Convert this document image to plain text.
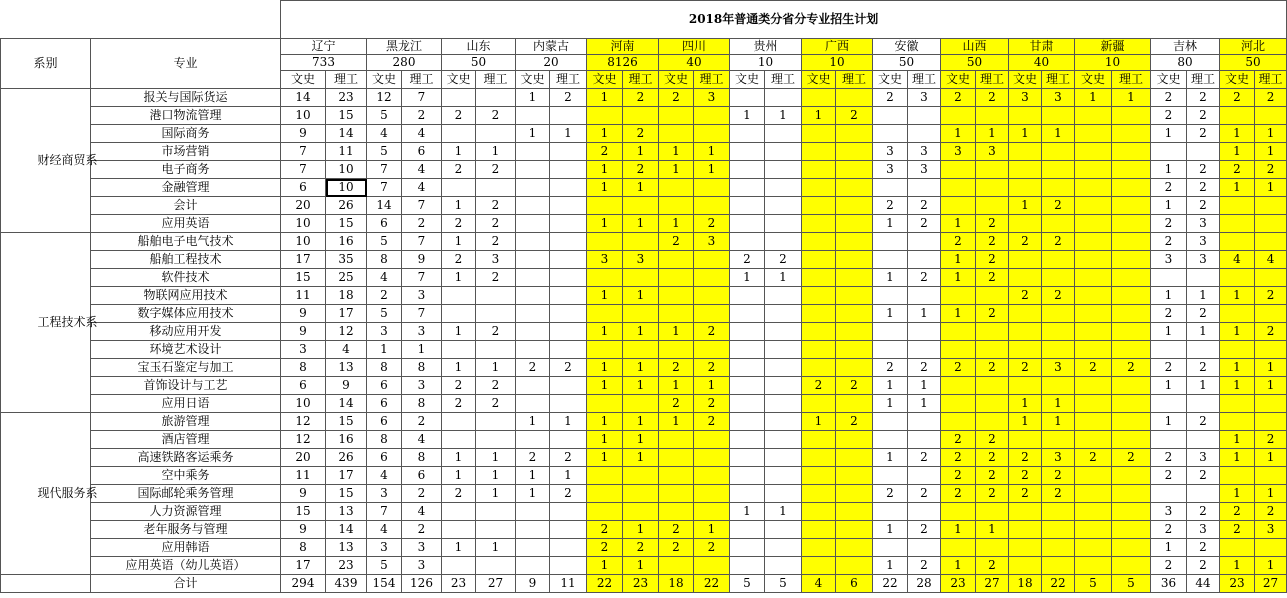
		2018年普通类分省分专业招生计划																											
系别	专业	辽宁		黑龙江		山东		内蒙古		河南		四川		贵州		广西		安徽		山西		甘肃		新疆		吉林		河北	
		733		280		50		20		8126		40		10		10		50		50		40		10		80		50	
		文史	理工	文史	理工	文史	理工	文史	理工	文史	理工	文史	理工	文史	理工	文史	理工	文史	理工	文史	理工	文史	理工	文史	理工	文史	理工	文史	理工

财经商贸系	报关与国际货运	14	23	12	7			1	2	1	2	2	3					2	3	2	2	3	3	1	1	2	2	2	2
	港口物流管理	10	15	5	2	2	2							1	1	1	2									2	2		
	国际商务	9	14	4	4			1	1	1	2									1	1	1	1			1	2	1	1
	市场营销	7	11	5	6	1	1			2	1	1	1					3	3	3	3							1	1
	电子商务	7	10	7	4	2	2			1	2	1	1					3	3							1	2	2	2
	金融管理	6	10	7	4					1	1															2	2	1	1
	会计	20	26	14	7	1	2											2	2			1	2			1	2		
	应用英语	10	15	6	2	2	2			1	1	1	2					1	2	1	2					2	3		

工程技术系	船舶电子电气技术	10	16	5	7	1	2					2	3							2	2	2	2			2	3		
	船舶工程技术	17	35	8	9	2	3			3	3			2	2					1	2					3	3	4	4
	软件技术	15	25	4	7	1	2							1	1			1	2	1	2								
	物联网应用技术	11	18	2	3					1	1											2	2			1	1	1	2
	数字媒体应用技术	9	17	5	7													1	1	1	2					2	2		
	移动应用开发	9	12	3	3	1	2			1	1	1	2													1	1	1	2
	环境艺术设计	3	4	1	1																								
	宝玉石鉴定与加工	8	13	8	8	1	1	2	2	1	1	2	2					2	2	2	2	2	3	2	2	2	2	1	1
	首饰设计与工艺	6	9	6	3	2	2			1	1	1	1			2	2	1	1							1	1	1	1
	应用日语	10	14	6	8	2	2					2	2					1	1			1	1						

现代服务系	旅游管理	12	15	6	2			1	1	1	1	1	2			1	2					1	1			1	2		
	酒店管理	12	16	8	4					1	1									2	2							1	2
	高速铁路客运乘务	20	26	6	8	1	1	2	2	1	1							1	2	2	2	2	3	2	2	2	3	1	1
	空中乘务	11	17	4	6	1	1	1	1											2	2	2	2			2	2		
	国际邮轮乘务管理	9	15	3	2	2	1	1	2									2	2	2	2	2	2					1	1
	人力资源管理	15	13	7	4									1	1											3	2	2	2
	老年服务与管理	9	14	4	2					2	1	2	1					1	2	1	1					2	3	2	3
	应用韩语	8	13	3	3	1	1			2	2	2	2													1	2		
	应用英语（幼儿英语）	17	23	5	3					1	1							1	2	1	2					2	2	1	1
	合计	294	439	154	126	23	27	9	11	22	23	18	22	5	5	4	6	22	28	23	27	18	22	5	5	36	44	23	27
